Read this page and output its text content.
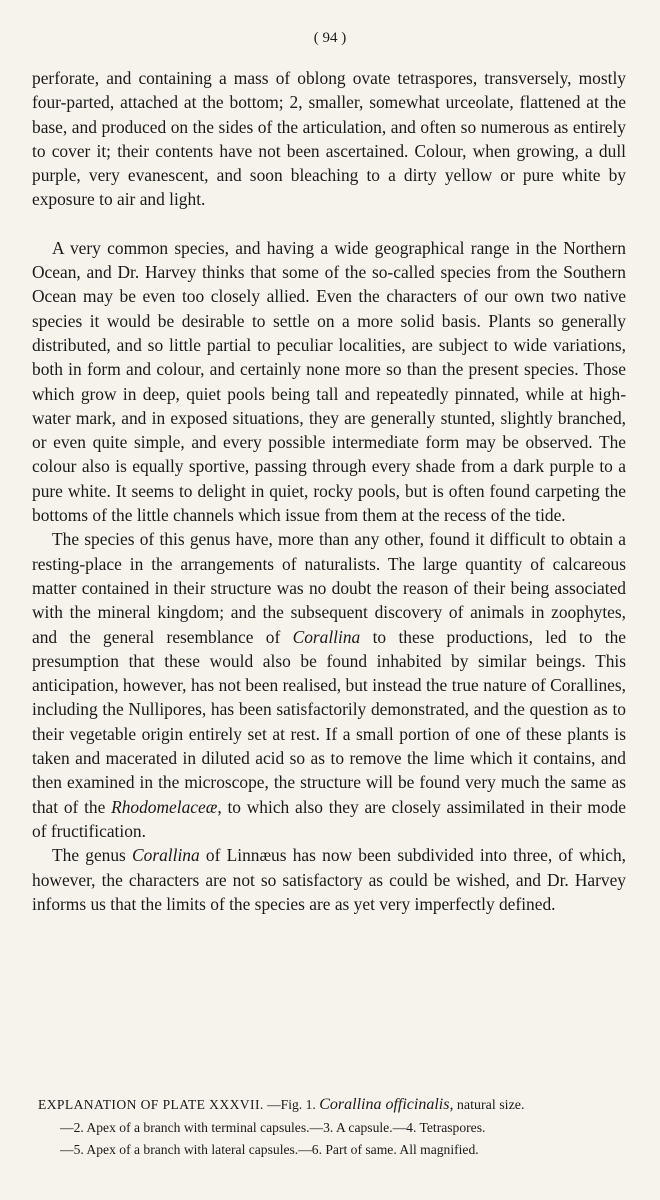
( 94 )

perforate, and containing a mass of oblong ovate tetraspores, transversely, mostly four-parted, attached at the bottom; 2, smaller, somewhat urceolate, flattened at the base, and produced on the sides of the articulation, and often so numerous as entirely to cover it; their contents have not been ascertained. Colour, when growing, a dull purple, very evanescent, and soon bleaching to a dirty yellow or pure white by exposure to air and light.

A very common species, and having a wide geographical range in the Northern Ocean, and Dr. Harvey thinks that some of the so-called species from the Southern Ocean may be even too closely allied. Even the characters of our own two native species it would be desirable to settle on a more solid basis. Plants so generally distributed, and so little partial to peculiar localities, are subject to wide variations, both in form and colour, and certainly none more so than the present species. Those which grow in deep, quiet pools being tall and repeatedly pinnated, while at high-water mark, and in exposed situations, they are generally stunted, slightly branched, or even quite simple, and every possible intermediate form may be observed. The colour also is equally sportive, passing through every shade from a dark purple to a pure white. It seems to delight in quiet, rocky pools, but is often found carpeting the bottoms of the little channels which issue from them at the recess of the tide.

The species of this genus have, more than any other, found it difficult to obtain a resting-place in the arrangements of naturalists. The large quantity of calcareous matter contained in their structure was no doubt the reason of their being associated with the mineral kingdom; and the subsequent discovery of animals in zoophytes, and the general resemblance of Corallina to these productions, led to the presumption that these would also be found inhabited by similar beings. This anticipation, however, has not been realised, but instead the true nature of Corallines, including the Nullipores, has been satisfactorily demonstrated, and the question as to their vegetable origin entirely set at rest. If a small portion of one of these plants is taken and macerated in diluted acid so as to remove the lime which it contains, and then examined in the microscope, the structure will be found very much the same as that of the Rhodomelaceæ, to which also they are closely assimilated in their mode of fructification.

The genus Corallina of Linnæus has now been subdivided into three, of which, however, the characters are not so satisfactory as could be wished, and Dr. Harvey informs us that the limits of the species are as yet very imperfectly defined.

EXPLANATION OF PLATE XXXVII. —Fig. 1. Corallina officinalis, natural size.
—2. Apex of a branch with terminal capsules.—3. A capsule.—4. Tetraspores.
—5. Apex of a branch with lateral capsules.—6. Part of same. All magnified.
